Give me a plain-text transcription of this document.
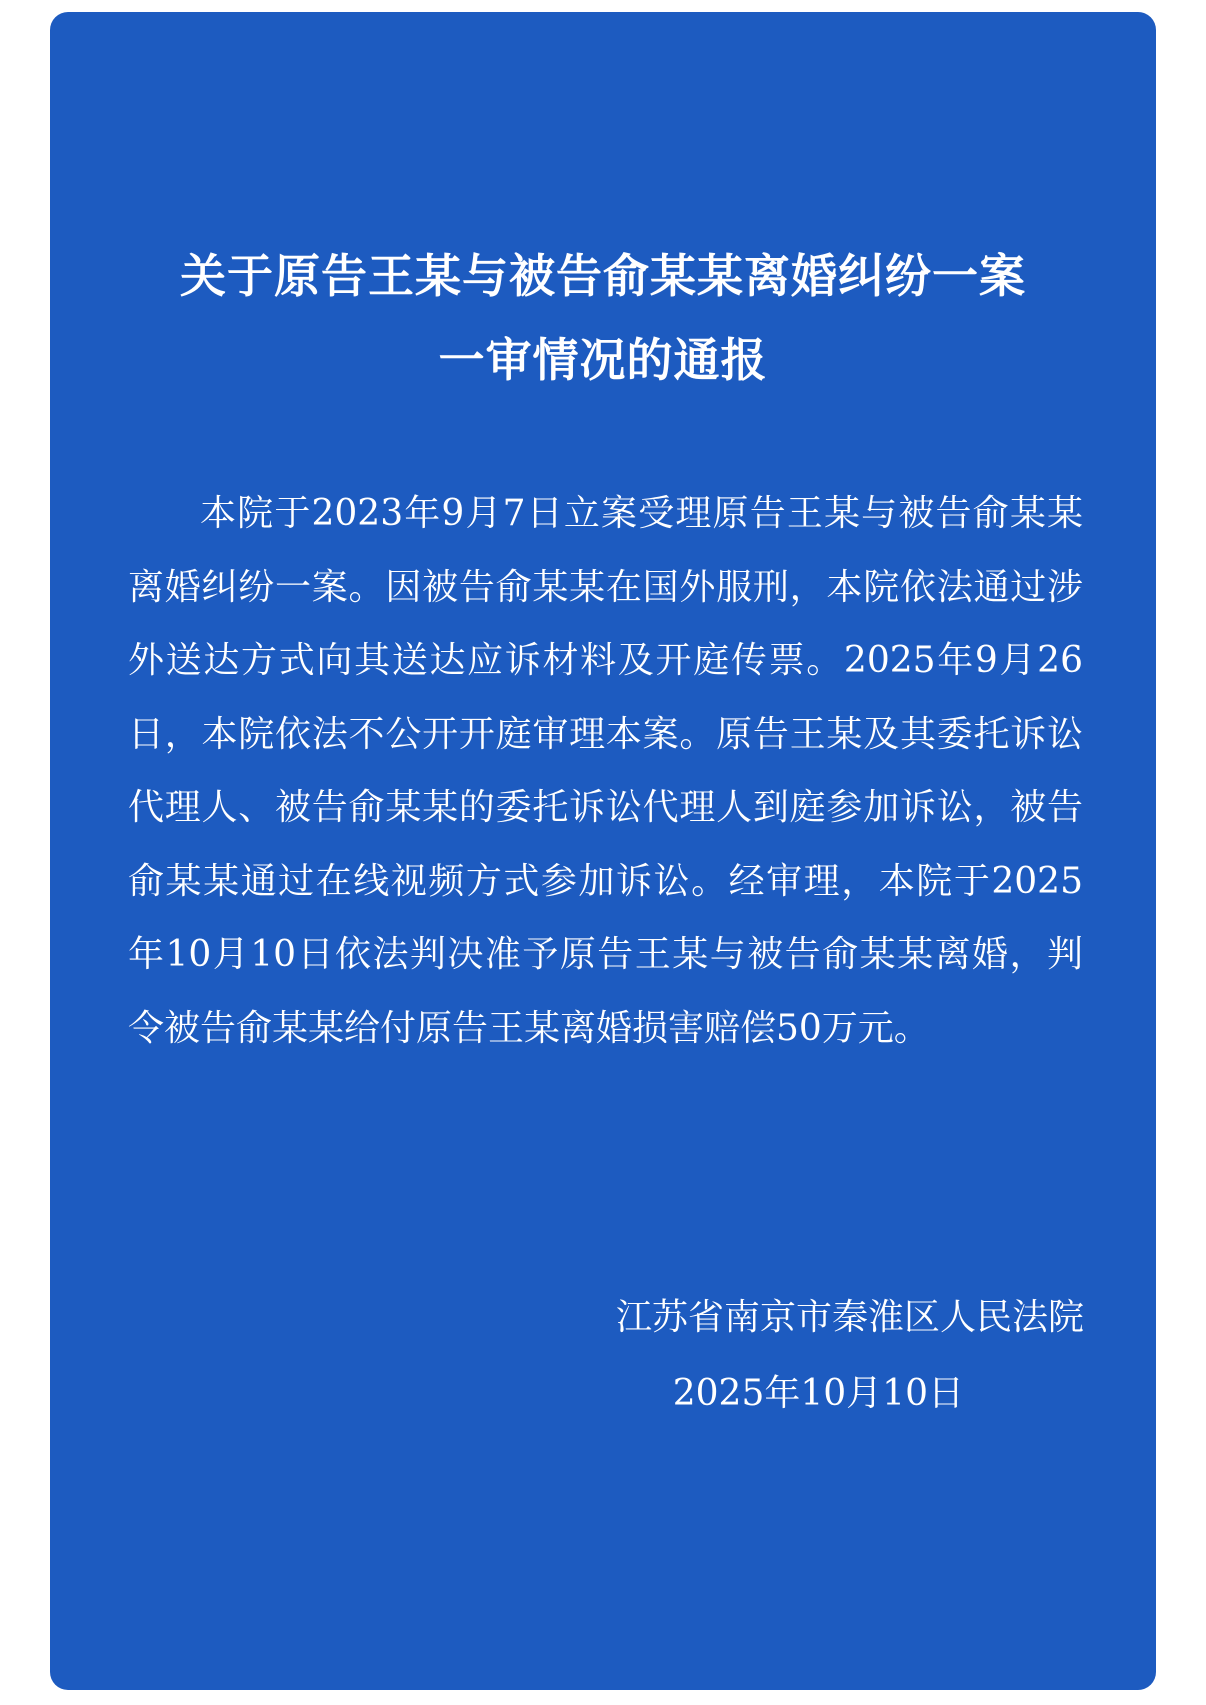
关于原告王某与被告俞某某离婚纠纷一案
一审情况的通报

本院于2023年9月7日立案受理原告王某与被告俞某某离婚纠纷一案。因被告俞某某在国外服刑，本院依法通过涉外送达方式向其送达应诉材料及开庭传票。2025年9月26日，本院依法不公开开庭审理本案。原告王某及其委托诉讼代理人、被告俞某某的委托诉讼代理人到庭参加诉讼，被告俞某某通过在线视频方式参加诉讼。经审理，本院于2025年10月10日依法判决准予原告王某与被告俞某某离婚，判令被告俞某某给付原告王某离婚损害赔偿50万元。

江苏省南京市秦淮区人民法院
2025年10月10日
